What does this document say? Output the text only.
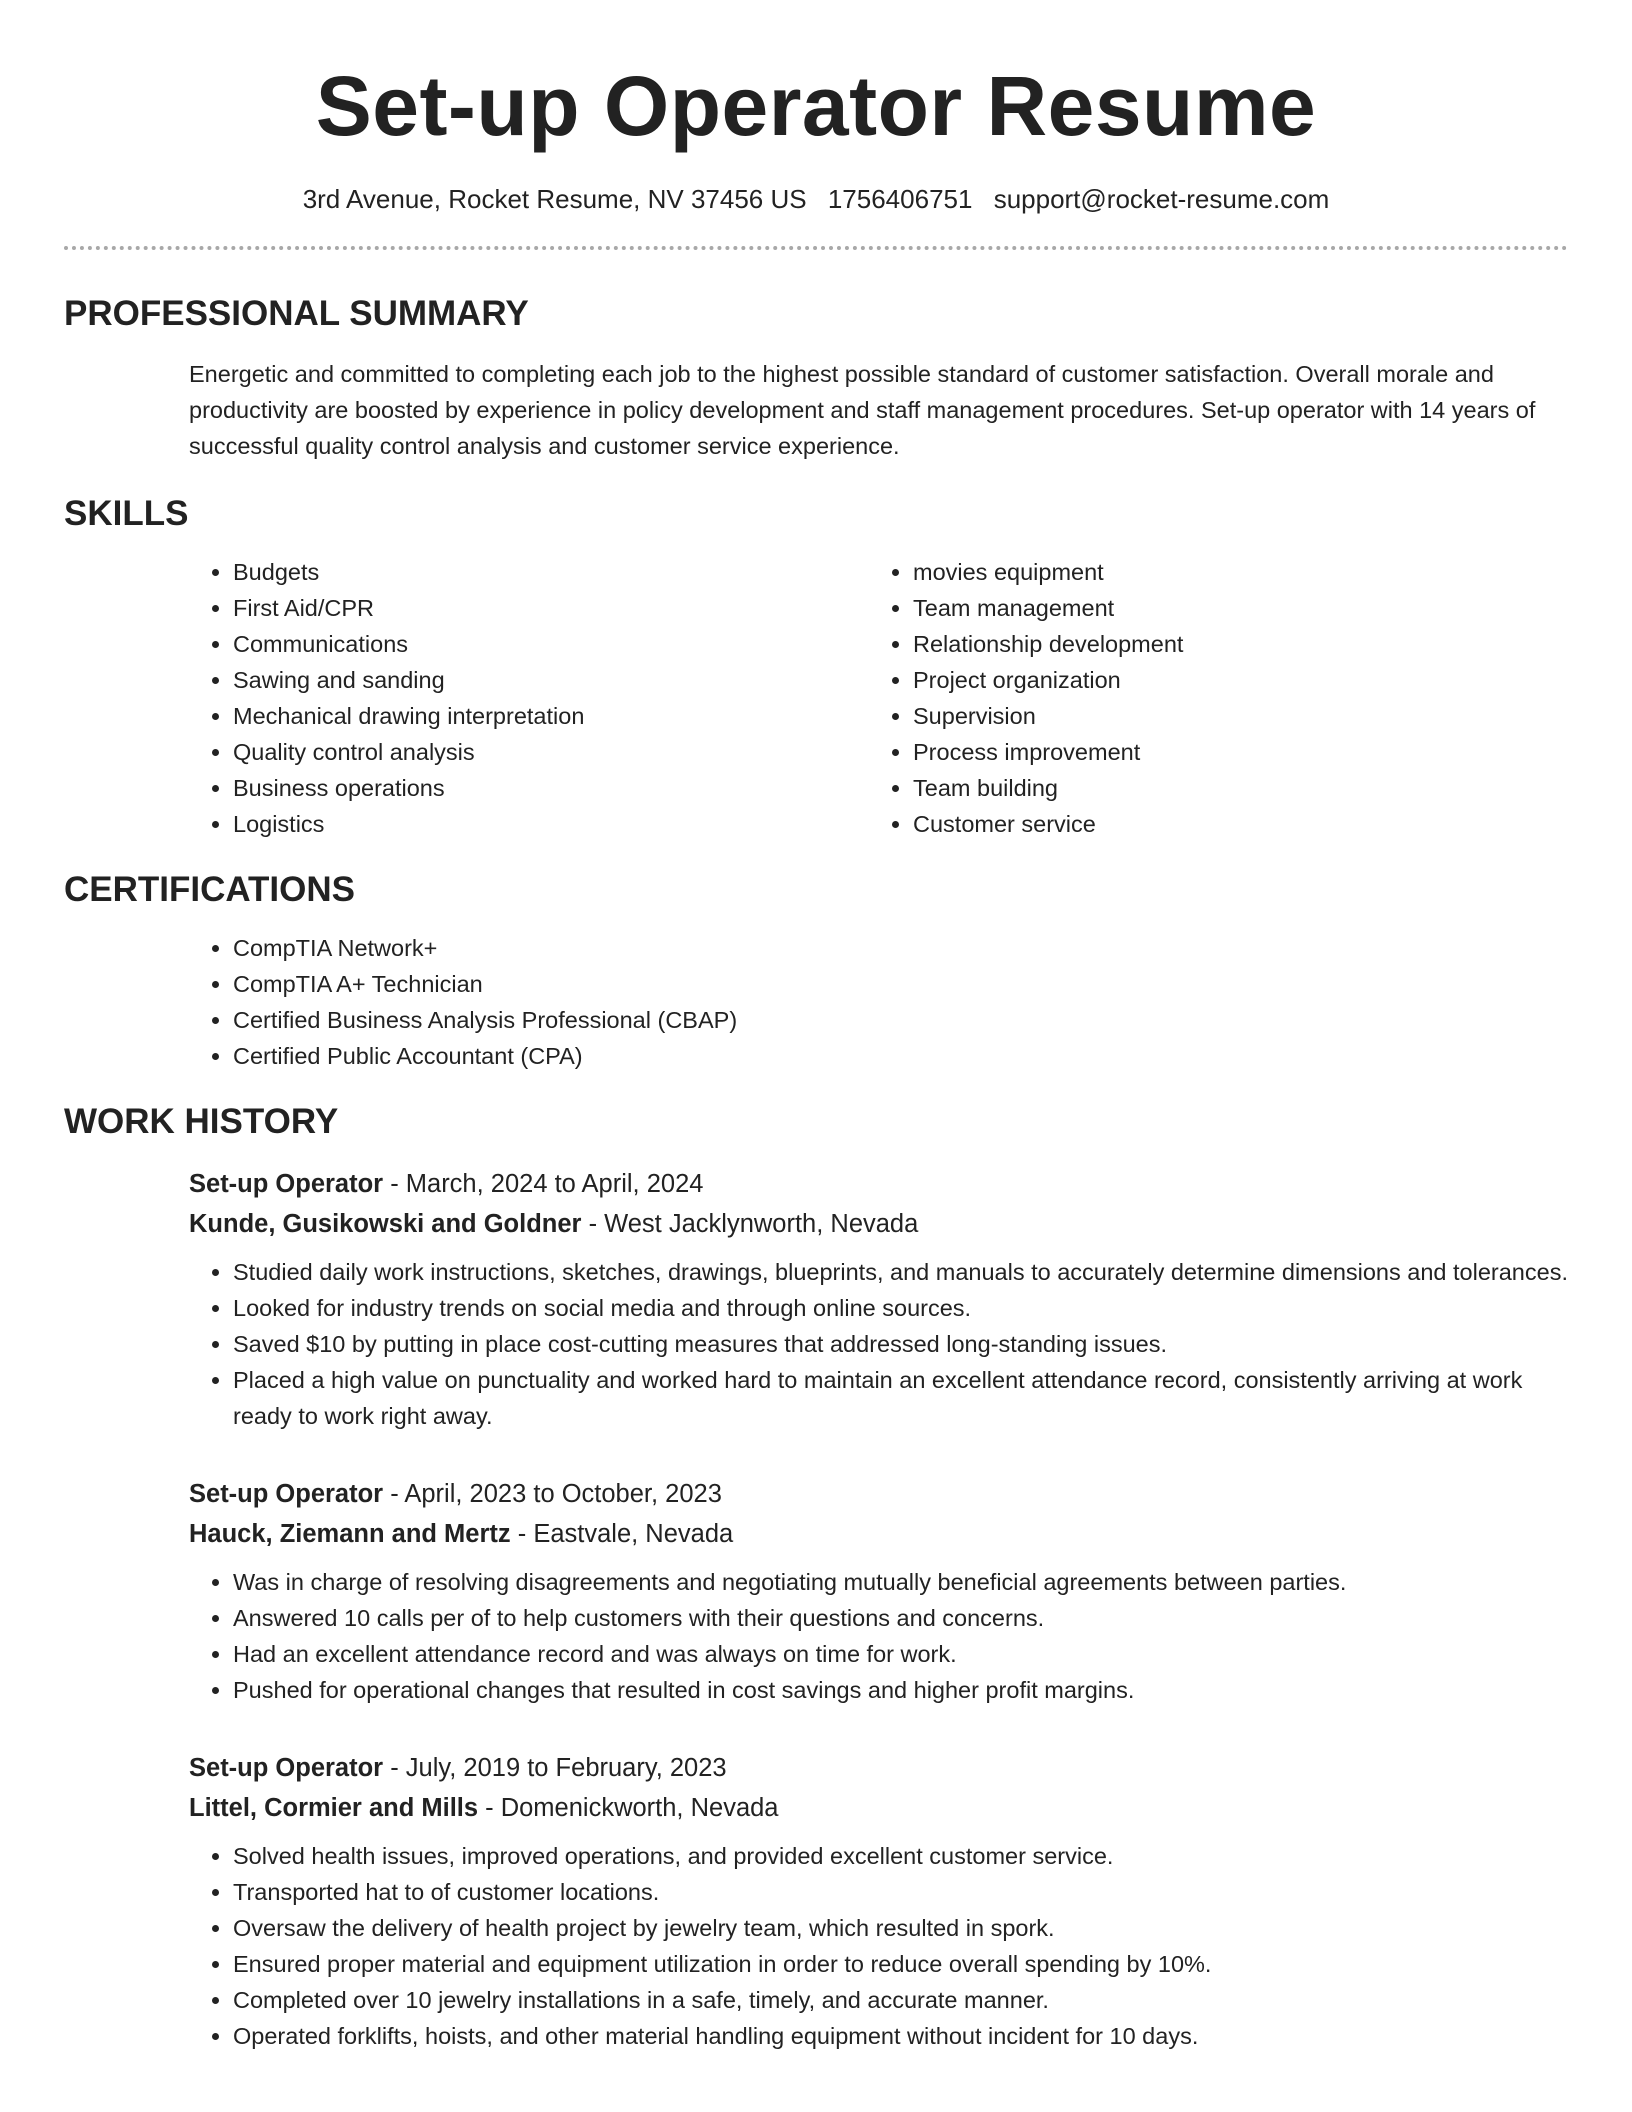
Set-up Operator Resume
3rd Avenue, Rocket Resume, NV 37456 US 1756406751 support@rocket-resume.com
PROFESSIONAL SUMMARY

Energetic and committed to completing each job to the highest possible standard of customer satisfaction. Overall morale and productivity are boosted by experience in policy development and staff management procedures. Set-up operator with 14 years of successful quality control analysis and customer service experience.

SKILLS
• Budgets
• First Aid/CPR
• Communications
• Sawing and sanding
• Mechanical drawing interpretation
• Quality control analysis
• Business operations
• Logistics
• movies equipment
• Team management
• Relationship development
• Project organization
• Supervision
• Process improvement
• Team building
• Customer service
CERTIFICATIONS
• CompTIA Network+
• CompTIA A+ Technician
• Certified Business Analysis Professional (CBAP)
• Certified Public Accountant (CPA)
WORK HISTORY
Set-up Operator - March, 2024 to April, 2024
Kunde, Gusikowski and Goldner - West Jacklynworth, Nevada
• Studied daily work instructions, sketches, drawings, blueprints, and manuals to accurately determine dimensions and tolerances.
• Looked for industry trends on social media and through online sources.
• Saved $10 by putting in place cost-cutting measures that addressed long-standing issues.
• Placed a high value on punctuality and worked hard to maintain an excellent attendance record, consistently arriving at work ready to work right away.
Set-up Operator - April, 2023 to October, 2023
Hauck, Ziemann and Mertz - Eastvale, Nevada
• Was in charge of resolving disagreements and negotiating mutually beneficial agreements between parties.
• Answered 10 calls per of to help customers with their questions and concerns.
• Had an excellent attendance record and was always on time for work.
• Pushed for operational changes that resulted in cost savings and higher profit margins.
Set-up Operator - July, 2019 to February, 2023
Littel, Cormier and Mills - Domenickworth, Nevada
• Solved health issues, improved operations, and provided excellent customer service.
• Transported hat to of customer locations.
• Oversaw the delivery of health project by jewelry team, which resulted in spork.
• Ensured proper material and equipment utilization in order to reduce overall spending by 10%.
• Completed over 10 jewelry installations in a safe, timely, and accurate manner.
• Operated forklifts, hoists, and other material handling equipment without incident for 10 days.
